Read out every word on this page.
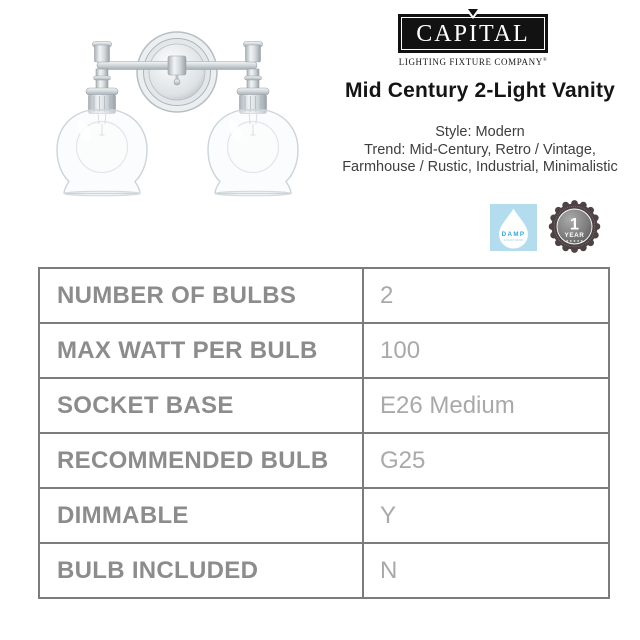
CAPITAL
LIGHTING FIXTURE COMPANY®
Mid Century 2-Light Vanity
Style: Modern
Trend: Mid-Century, Retro / Vintage,
Farmhouse / Rustic, Industrial, Minimalistic
DAMP
LOCATIONS
1
YEAR
★ ★ ★ ★ ★
NUMBER OF BULBS	2
MAX WATT PER BULB	100
SOCKET BASE	E26 Medium
RECOMMENDED BULB	G25
DIMMABLE	Y
BULB INCLUDED	N
